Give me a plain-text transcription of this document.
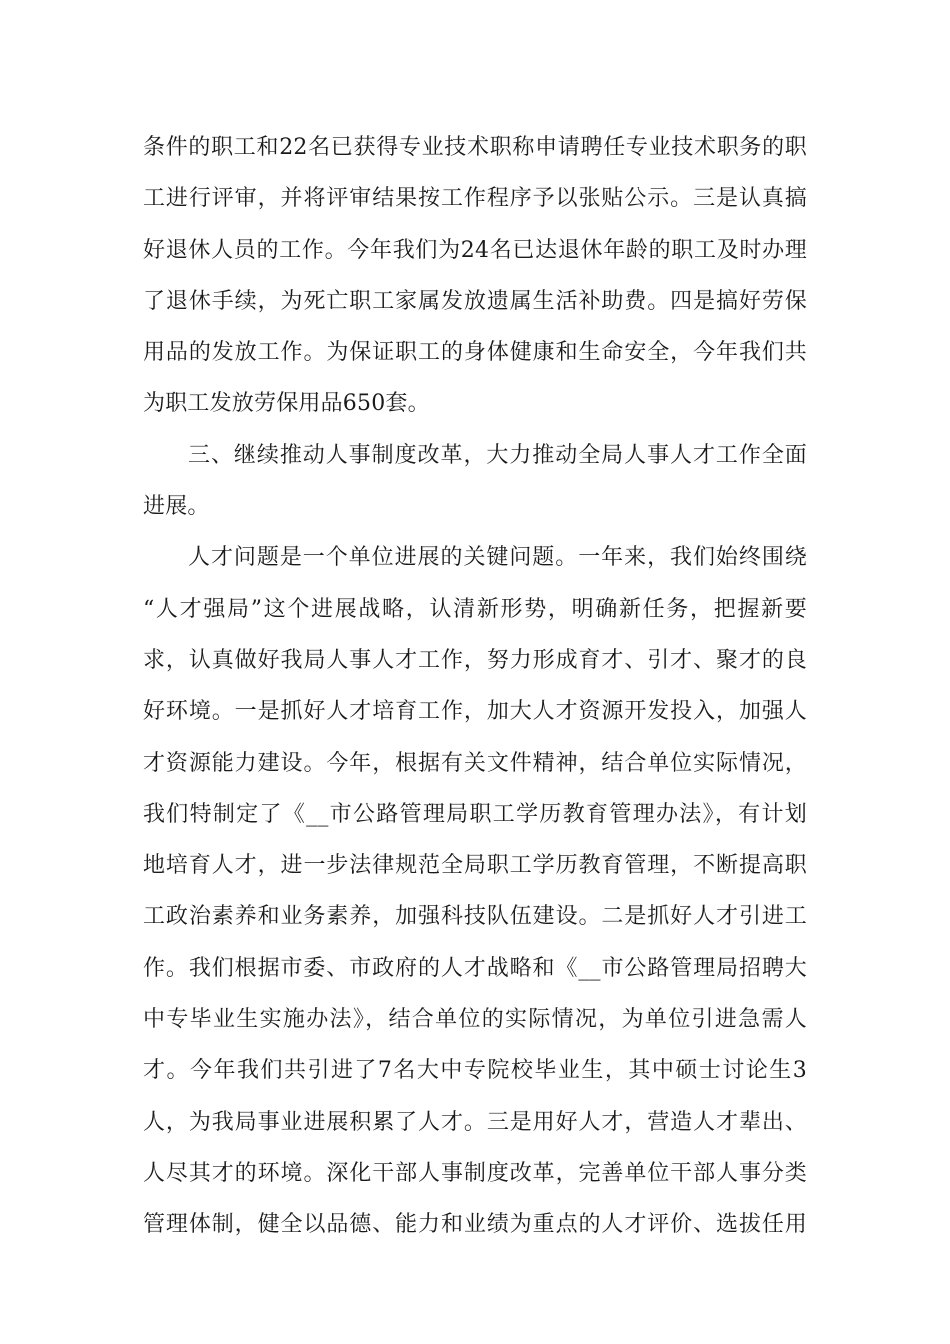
条件的职工和22名已获得专业技术职称申请聘任专业技术职务的职
工进行评审，并将评审结果按工作程序予以张贴公示。三是认真搞
好退休人员的工作。今年我们为24名已达退休年龄的职工及时办理
了退休手续，为死亡职工家属发放遗属生活补助费。四是搞好劳保
用品的发放工作。为保证职工的身体健康和生命安全，今年我们共
为职工发放劳保用品650套。
三、继续推动人事制度改革，大力推动全局人事人才工作全面
进展。
人才问题是一个单位进展的关键问题。一年来，我们始终围绕
“人才强局”这个进展战略，认清新形势，明确新任务，把握新要
求，认真做好我局人事人才工作，努力形成育才、引才、聚才的良
好环境。一是抓好人才培育工作，加大人才资源开发投入，加强人
才资源能力建设。今年，根据有关文件精神，结合单位实际情况，
我们特制定了《__市公路管理局职工学历教育管理办法》，有计划
地培育人才，进一步法律规范全局职工学历教育管理，不断提高职
工政治素养和业务素养，加强科技队伍建设。二是抓好人才引进工
作。我们根据市委、市政府的人才战略和《__市公路管理局招聘大
中专毕业生实施办法》，结合单位的实际情况，为单位引进急需人
才。今年我们共引进了7名大中专院校毕业生，其中硕士讨论生3
人，为我局事业进展积累了人才。三是用好人才，营造人才辈出、
人尽其才的环境。深化干部人事制度改革，完善单位干部人事分类
管理体制，健全以品德、能力和业绩为重点的人才评价、选拔任用
